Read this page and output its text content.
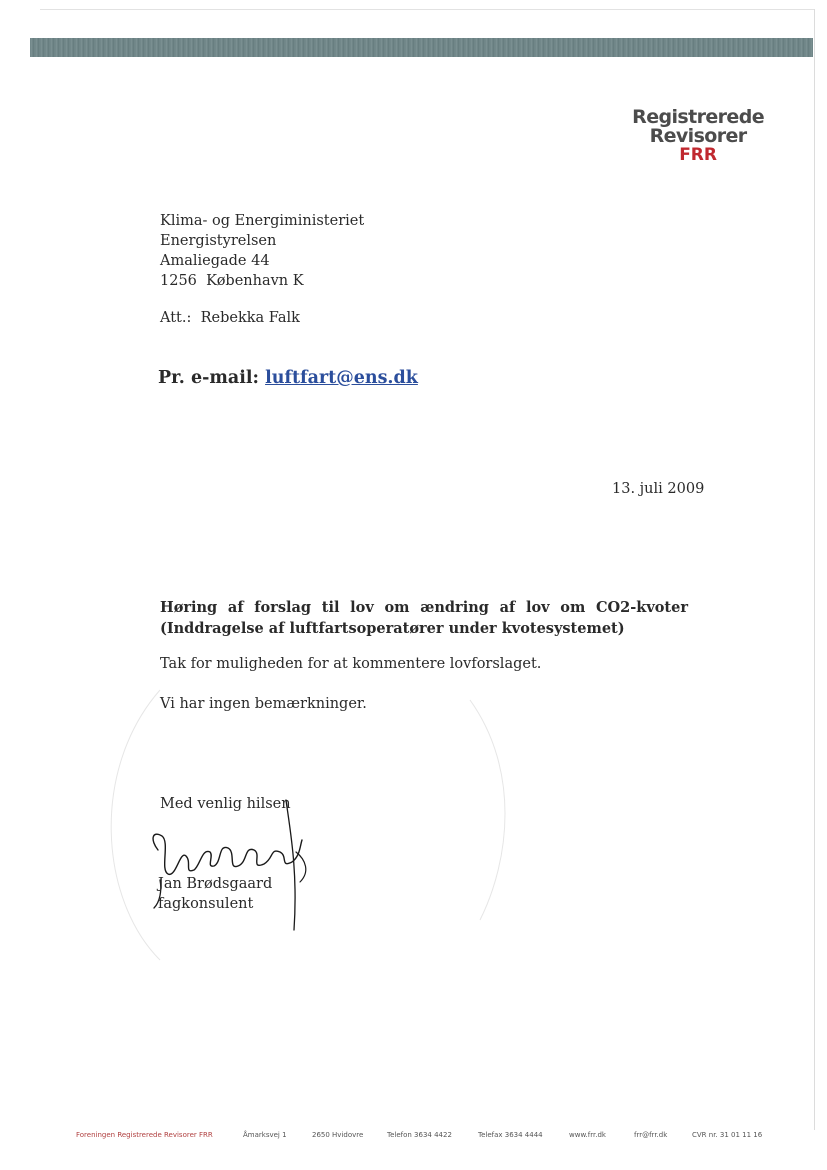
Registrerede
Revisorer
FRR
Klima- og Energiministeriet
Energistyrelsen
Amaliegade 44
1256  København K
Att.:  Rebekka Falk
Pr. e-mail: luftfart@ens.dk
13. juli 2009
Høring af forslag til lov om ændring af lov om CO2-kvoter (Inddragelse af luftfartsoperatører under kvotesystemet)
Tak for muligheden for at kommentere lovforslaget.
Vi har ingen bemærkninger.
Med venlig hilsen
Jan Brødsgaard
fagkonsulent
Foreningen Registrerede Revisorer FRR	Åmarksvej 1	2650 Hvidovre	Telefon 3634 4422	Telefax 3634 4444	www.frr.dk	frr@frr.dk	CVR nr. 31 01 11 16
